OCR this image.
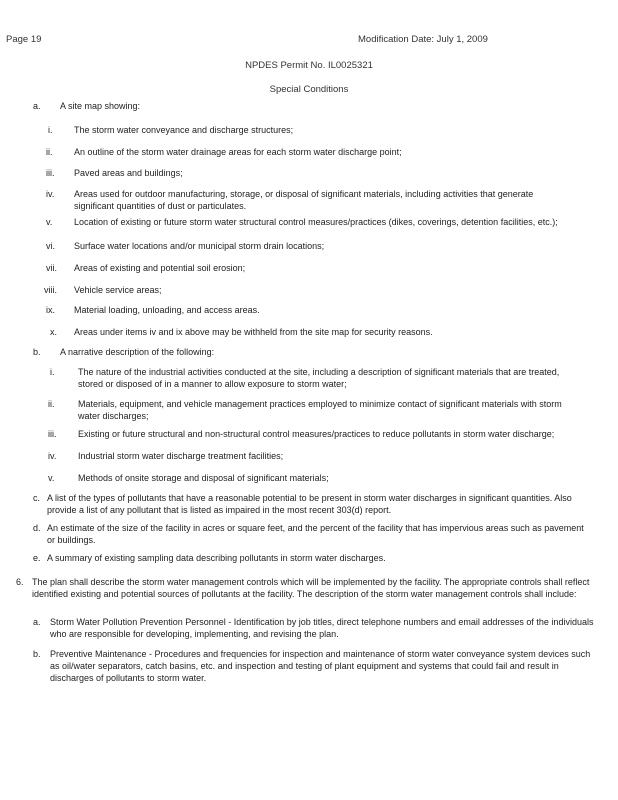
Page 19	Modification Date: July 1, 2009
NPDES Permit No. IL0025321
Special Conditions
a. A site map showing:
i. The storm water conveyance and discharge structures;
ii. An outline of the storm water drainage areas for each storm water discharge point;
iii. Paved areas and buildings;
iv. Areas used for outdoor manufacturing, storage, or disposal of significant materials, including activities that generate significant quantities of dust or particulates.
v. Location of existing or future storm water structural control measures/practices (dikes, coverings, detention facilities, etc.);
vi. Surface water locations and/or municipal storm drain locations;
vii. Areas of existing and potential soil erosion;
viii. Vehicle service areas;
ix. Material loading, unloading, and access areas.
x. Areas under items iv and ix above may be withheld from the site map for security reasons.
b. A narrative description of the following:
i.	The nature of the industrial activities conducted at the site, including a description of significant materials that are treated, stored or disposed of in a manner to allow exposure to storm water;
ii.	Materials, equipment, and vehicle management practices employed to minimize contact of significant materials with storm water discharges;
iii. Existing or future structural and non-structural control measures/practices to reduce pollutants in storm water discharge;
iv. Industrial storm water discharge treatment facilities;
v.	Methods of onsite storage and disposal of significant materials;
c. A list of the types of pollutants that have a reasonable potential to be present in storm water discharges in significant quantities. Also provide a list of any pollutant that is listed as impaired in the most recent 303(d) report.
d. An estimate of the size of the facility in acres or square feet, and the percent of the facility that has impervious areas such as pavement or buildings.
e. A summary of existing sampling data describing pollutants in storm water discharges.
6. The plan shall describe the storm water management controls which will be implemented by the facility. The appropriate controls shall reflect identified existing and potential sources of pollutants at the facility. The description of the storm water management controls shall include:
a. Storm Water Pollution Prevention Personnel - Identification by job titles, direct telephone numbers and email addresses of the individuals who are responsible for developing, implementing, and revising the plan.
b. Preventive Maintenance - Procedures and frequencies for inspection and maintenance of storm water conveyance system devices such as oil/water separators, catch basins, etc. and inspection and testing of plant equipment and systems that could fail and result in discharges of pollutants to storm water.
